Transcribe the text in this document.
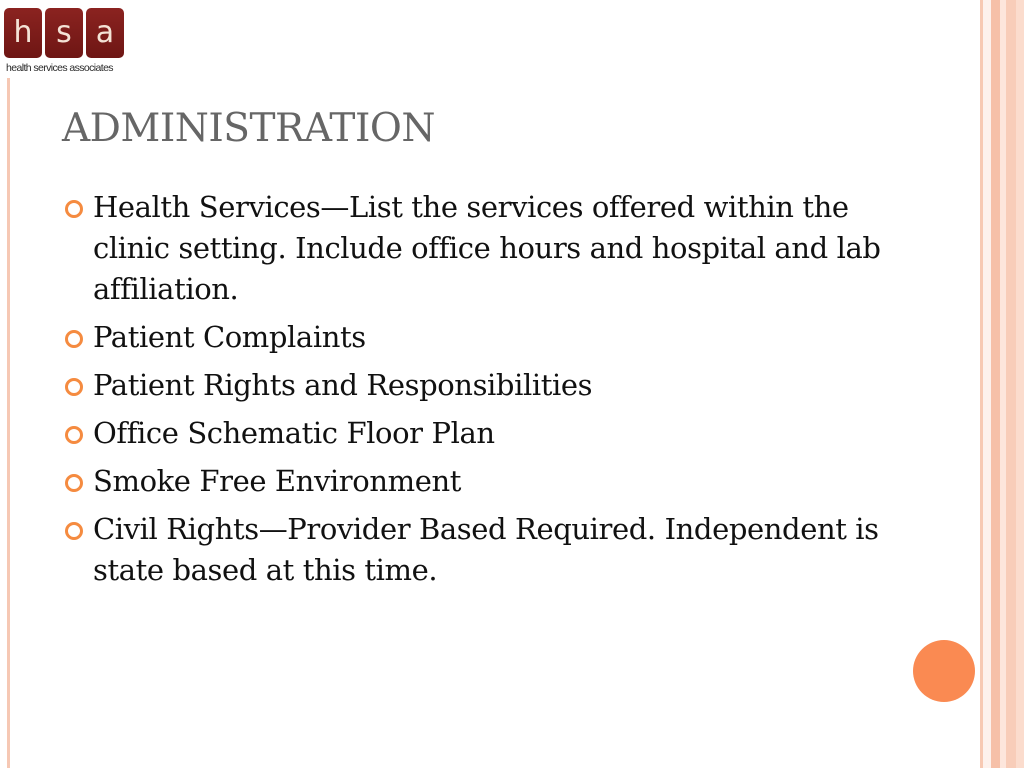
h s a
health services associates
ADMINISTRATION
Health Services—List the services offered within the clinic setting. Include office hours and hospital and lab affiliation.
Patient Complaints
Patient Rights and Responsibilities
Office Schematic Floor Plan
Smoke Free Environment
Civil Rights—Provider Based Required. Independent is state based at this time.
